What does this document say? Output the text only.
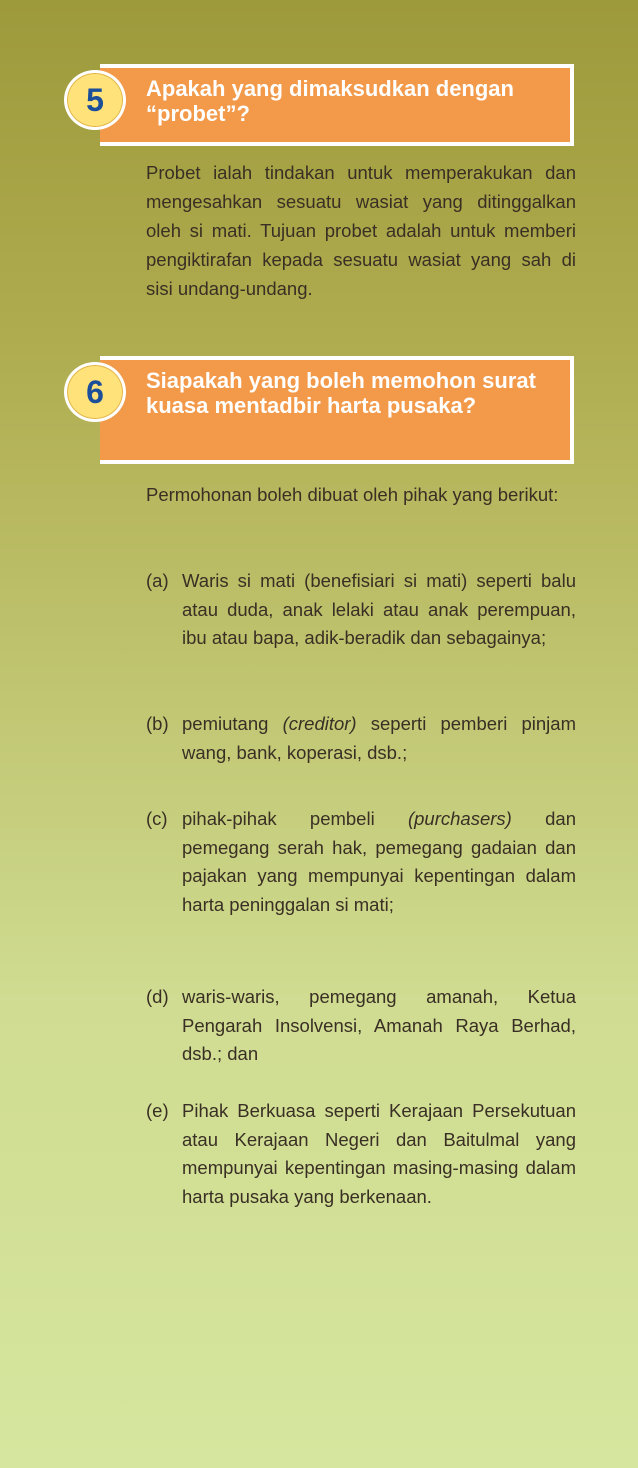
Apakah yang dimaksudkan dengan “probet”?
5
Probet ialah tindakan untuk memperakukan dan mengesahkan sesuatu wasiat yang ditinggalkan oleh si mati. Tujuan probet adalah untuk memberi pengiktirafan kepada sesuatu wasiat yang sah di sisi undang-undang.
Siapakah yang boleh memohon surat kuasa mentadbir harta pusaka?
6
Permohonan boleh dibuat oleh pihak yang berikut:
(a) Waris si mati (benefisiari si mati) seperti balu atau duda, anak lelaki atau anak perempuan, ibu atau bapa, adik-beradik dan sebagainya;
(b) pemiutang (creditor) seperti pemberi pinjam wang, bank, koperasi, dsb.;
(c) pihak-pihak pembeli (purchasers) dan pemegang serah hak, pemegang gadaian dan pajakan yang mempunyai kepentingan dalam harta peninggalan si mati;
(d) waris-waris, pemegang amanah, Ketua Pengarah Insolvensi, Amanah Raya Berhad, dsb.; dan
(e) Pihak Berkuasa seperti Kerajaan Persekutuan atau Kerajaan Negeri dan Baitulmal yang mempunyai kepentingan masing-masing dalam harta pusaka yang berkenaan.
